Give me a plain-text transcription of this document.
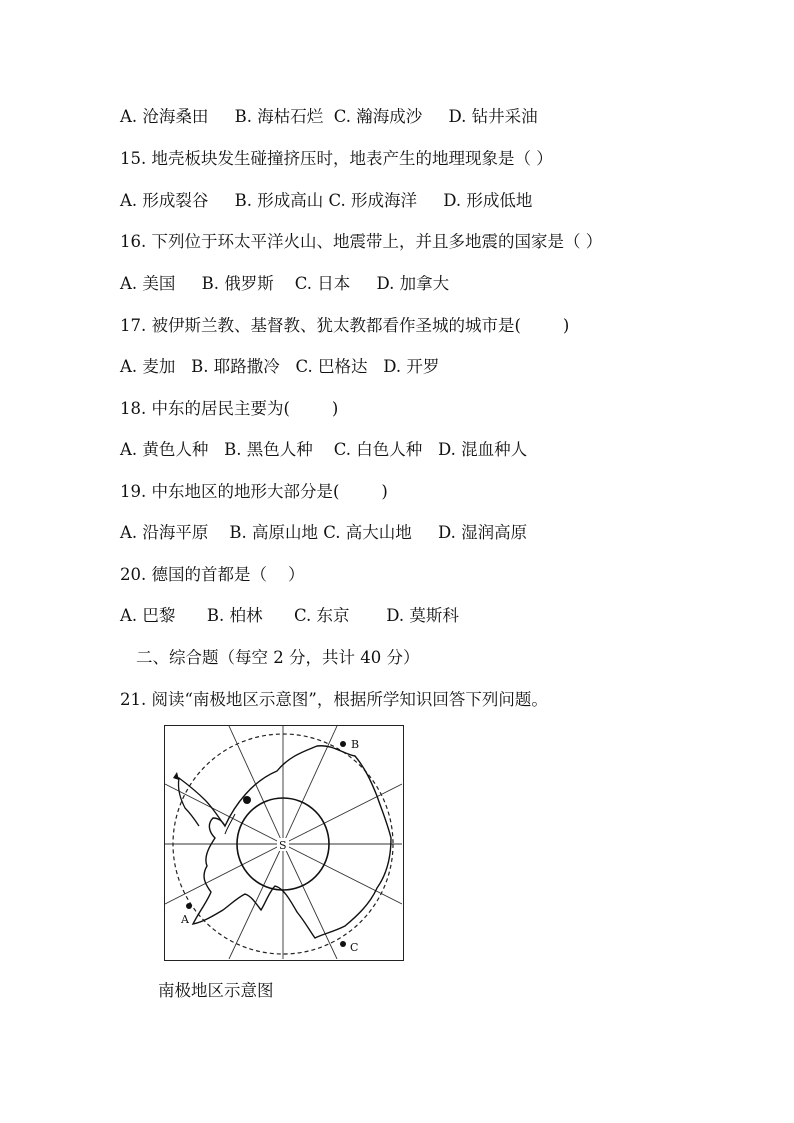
A. 沧海桑田     B. 海枯石烂  C. 瀚海成沙     D. 钻井采油
15. 地壳板块发生碰撞挤压时，地表产生的地理现象是（ ）
A. 形成裂谷     B. 形成高山 C. 形成海洋     D. 形成低地
16. 下列位于环太平洋火山、地震带上，并且多地震的国家是（ ）
A. 美国     B. 俄罗斯    C. 日本     D. 加拿大
17. 被伊斯兰教、基督教、犹太教都看作圣城的城市是(        )
A. 麦加   B. 耶路撒冷   C. 巴格达   D. 开罗
18. 中东的居民主要为(        )
A. 黄色人种   B. 黑色人种    C. 白色人种   D. 混血种人
19. 中东地区的地形大部分是(        )
A. 沿海平原    B. 高原山地 C. 高大山地     D. 湿润高原
20. 德国的首都是（    ）
A. 巴黎      B. 柏林      C. 东京       D. 莫斯科
二、综合题（每空 2 分，共计 40 分）
21. 阅读“南极地区示意图”，根据所学知识回答下列问题。
B
A
C
S
南极地区示意图
